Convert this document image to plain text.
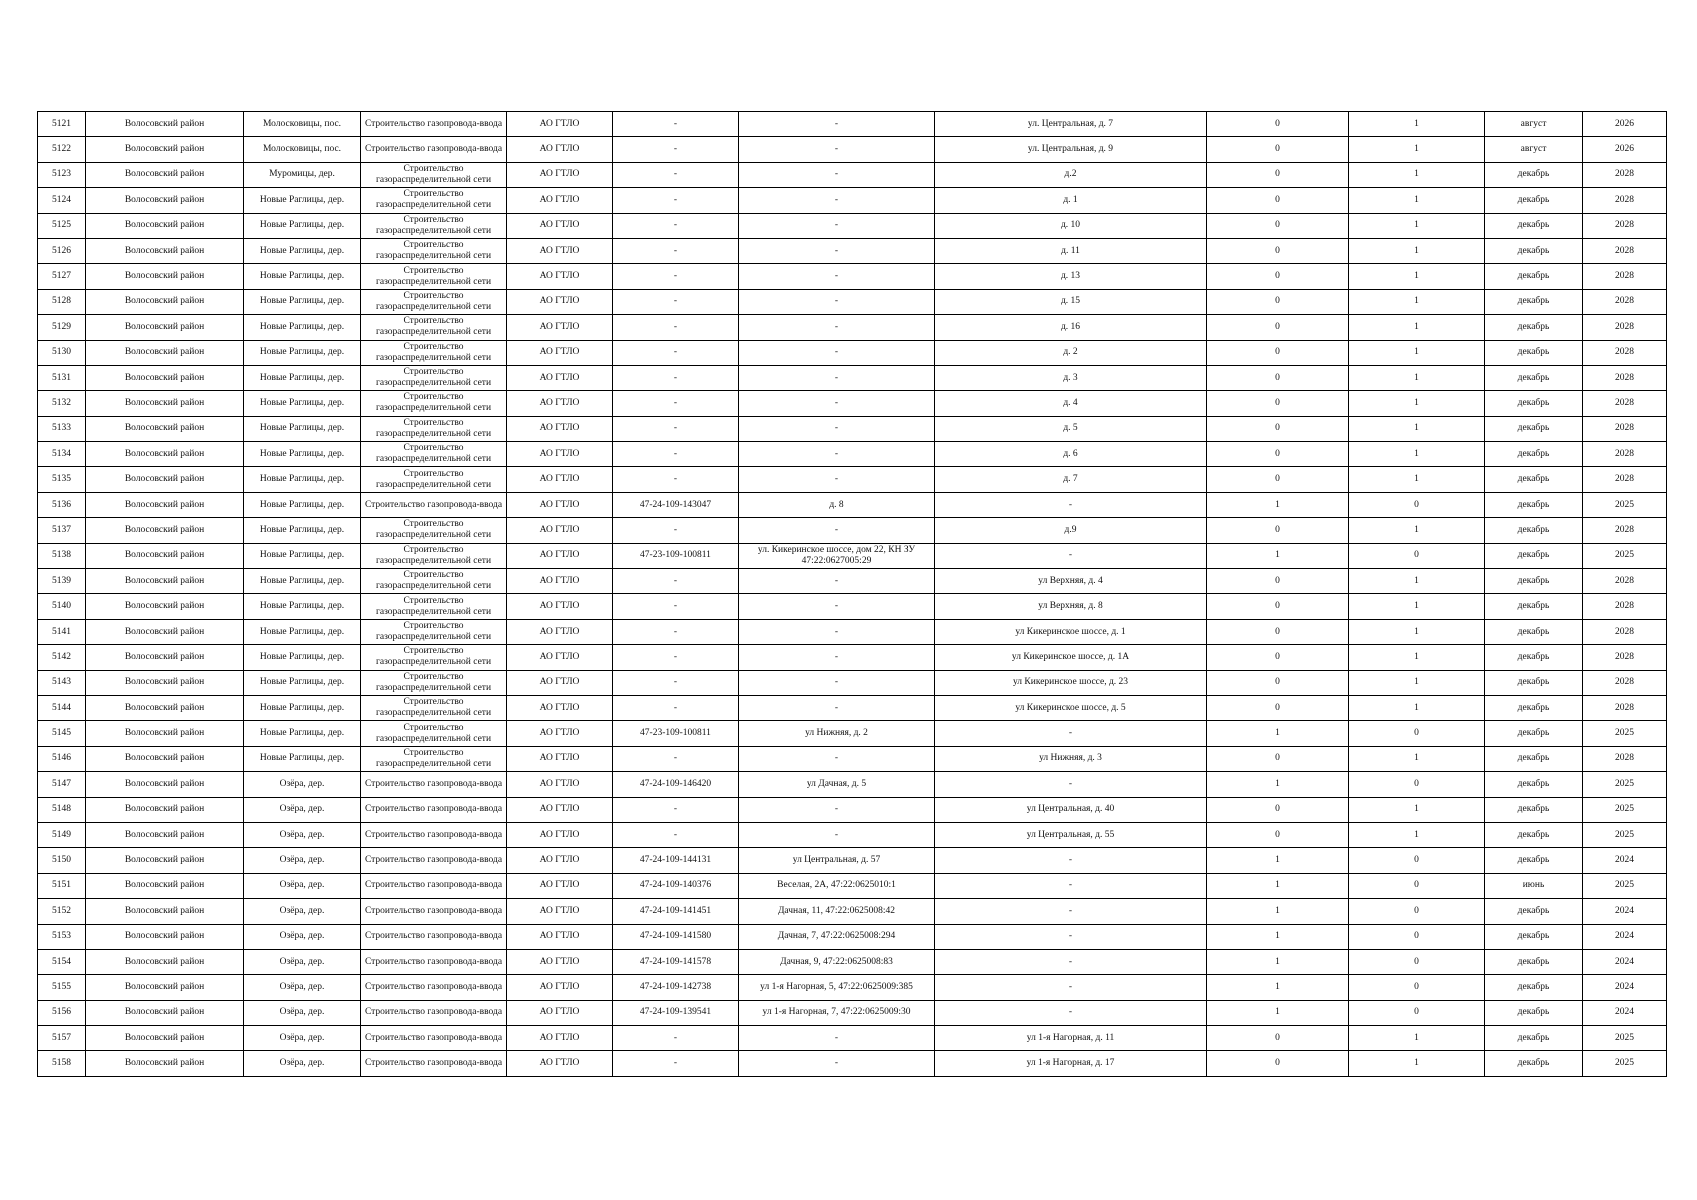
5121	Волосовский район	Молосковицы, пос.	Строительство газопровода-ввода	АО ГТЛО	-	-	ул. Центральная, д. 7	0	1	август	2026
5122	Волосовский район	Молосковицы, пос.	Строительство газопровода-ввода	АО ГТЛО	-	-	ул. Центральная, д. 9	0	1	август	2026
5123	Волосовский район	Муромицы, дер.	Строительство газораспределительной сети	АО ГТЛО	-	-	д.2	0	1	декабрь	2028
5124	Волосовский район	Новые Раглицы, дер.	Строительство газораспределительной сети	АО ГТЛО	-	-	д. 1	0	1	декабрь	2028
5125	Волосовский район	Новые Раглицы, дер.	Строительство газораспределительной сети	АО ГТЛО	-	-	д. 10	0	1	декабрь	2028
5126	Волосовский район	Новые Раглицы, дер.	Строительство газораспределительной сети	АО ГТЛО	-	-	д. 11	0	1	декабрь	2028
5127	Волосовский район	Новые Раглицы, дер.	Строительство газораспределительной сети	АО ГТЛО	-	-	д. 13	0	1	декабрь	2028
5128	Волосовский район	Новые Раглицы, дер.	Строительство газораспределительной сети	АО ГТЛО	-	-	д. 15	0	1	декабрь	2028
5129	Волосовский район	Новые Раглицы, дер.	Строительство газораспределительной сети	АО ГТЛО	-	-	д. 16	0	1	декабрь	2028
5130	Волосовский район	Новые Раглицы, дер.	Строительство газораспределительной сети	АО ГТЛО	-	-	д. 2	0	1	декабрь	2028
5131	Волосовский район	Новые Раглицы, дер.	Строительство газораспределительной сети	АО ГТЛО	-	-	д. 3	0	1	декабрь	2028
5132	Волосовский район	Новые Раглицы, дер.	Строительство газораспределительной сети	АО ГТЛО	-	-	д. 4	0	1	декабрь	2028
5133	Волосовский район	Новые Раглицы, дер.	Строительство газораспределительной сети	АО ГТЛО	-	-	д. 5	0	1	декабрь	2028
5134	Волосовский район	Новые Раглицы, дер.	Строительство газораспределительной сети	АО ГТЛО	-	-	д. 6	0	1	декабрь	2028
5135	Волосовский район	Новые Раглицы, дер.	Строительство газораспределительной сети	АО ГТЛО	-	-	д. 7	0	1	декабрь	2028
5136	Волосовский район	Новые Раглицы, дер.	Строительство газопровода-ввода	АО ГТЛО	47-24-109-143047	д. 8	-	1	0	декабрь	2025
5137	Волосовский район	Новые Раглицы, дер.	Строительство газораспределительной сети	АО ГТЛО	-	-	д.9	0	1	декабрь	2028
5138	Волосовский район	Новые Раглицы, дер.	Строительство газораспределительной сети	АО ГТЛО	47-23-109-100811	ул. Кикеринское шоссе, дом 22, КН ЗУ 47:22:0627005:29	-	1	0	декабрь	2025
5139	Волосовский район	Новые Раглицы, дер.	Строительство газораспределительной сети	АО ГТЛО	-	-	ул Верхняя, д. 4	0	1	декабрь	2028
5140	Волосовский район	Новые Раглицы, дер.	Строительство газораспределительной сети	АО ГТЛО	-	-	ул Верхняя, д. 8	0	1	декабрь	2028
5141	Волосовский район	Новые Раглицы, дер.	Строительство газораспределительной сети	АО ГТЛО	-	-	ул Кикеринское шоссе, д. 1	0	1	декабрь	2028
5142	Волосовский район	Новые Раглицы, дер.	Строительство газораспределительной сети	АО ГТЛО	-	-	ул Кикеринское шоссе, д. 1А	0	1	декабрь	2028
5143	Волосовский район	Новые Раглицы, дер.	Строительство газораспределительной сети	АО ГТЛО	-	-	ул Кикеринское шоссе, д. 23	0	1	декабрь	2028
5144	Волосовский район	Новые Раглицы, дер.	Строительство газораспределительной сети	АО ГТЛО	-	-	ул Кикеринское шоссе, д. 5	0	1	декабрь	2028
5145	Волосовский район	Новые Раглицы, дер.	Строительство газораспределительной сети	АО ГТЛО	47-23-109-100811	ул Нижняя, д. 2	-	1	0	декабрь	2025
5146	Волосовский район	Новые Раглицы, дер.	Строительство газораспределительной сети	АО ГТЛО	-	-	ул Нижняя, д. 3	0	1	декабрь	2028
5147	Волосовский район	Озёра, дер.	Строительство газопровода-ввода	АО ГТЛО	47-24-109-146420	ул Дачная, д. 5	-	1	0	декабрь	2025
5148	Волосовский район	Озёра, дер.	Строительство газопровода-ввода	АО ГТЛО	-	-	ул Центральная, д. 40	0	1	декабрь	2025
5149	Волосовский район	Озёра, дер.	Строительство газопровода-ввода	АО ГТЛО	-	-	ул Центральная, д. 55	0	1	декабрь	2025
5150	Волосовский район	Озёра, дер.	Строительство газопровода-ввода	АО ГТЛО	47-24-109-144131	ул Центральная, д. 57	-	1	0	декабрь	2024
5151	Волосовский район	Озёра, дер.	Строительство газопровода-ввода	АО ГТЛО	47-24-109-140376	Веселая, 2А, 47:22:0625010:1	-	1	0	июнь	2025
5152	Волосовский район	Озёра, дер.	Строительство газопровода-ввода	АО ГТЛО	47-24-109-141451	Дачная, 11, 47:22:0625008:42	-	1	0	декабрь	2024
5153	Волосовский район	Озёра, дер.	Строительство газопровода-ввода	АО ГТЛО	47-24-109-141580	Дачная, 7, 47:22:0625008:294	-	1	0	декабрь	2024
5154	Волосовский район	Озёра, дер.	Строительство газопровода-ввода	АО ГТЛО	47-24-109-141578	Дачная, 9, 47:22:0625008:83	-	1	0	декабрь	2024
5155	Волосовский район	Озёра, дер.	Строительство газопровода-ввода	АО ГТЛО	47-24-109-142738	ул 1-я Нагорная, 5, 47:22:0625009:385	-	1	0	декабрь	2024
5156	Волосовский район	Озёра, дер.	Строительство газопровода-ввода	АО ГТЛО	47-24-109-139541	ул 1-я Нагорная, 7, 47:22:0625009:30	-	1	0	декабрь	2024
5157	Волосовский район	Озёра, дер.	Строительство газопровода-ввода	АО ГТЛО	-	-	ул 1-я Нагорная, д. 11	0	1	декабрь	2025
5158	Волосовский район	Озёра, дер.	Строительство газопровода-ввода	АО ГТЛО	-	-	ул 1-я Нагорная, д. 17	0	1	декабрь	2025
